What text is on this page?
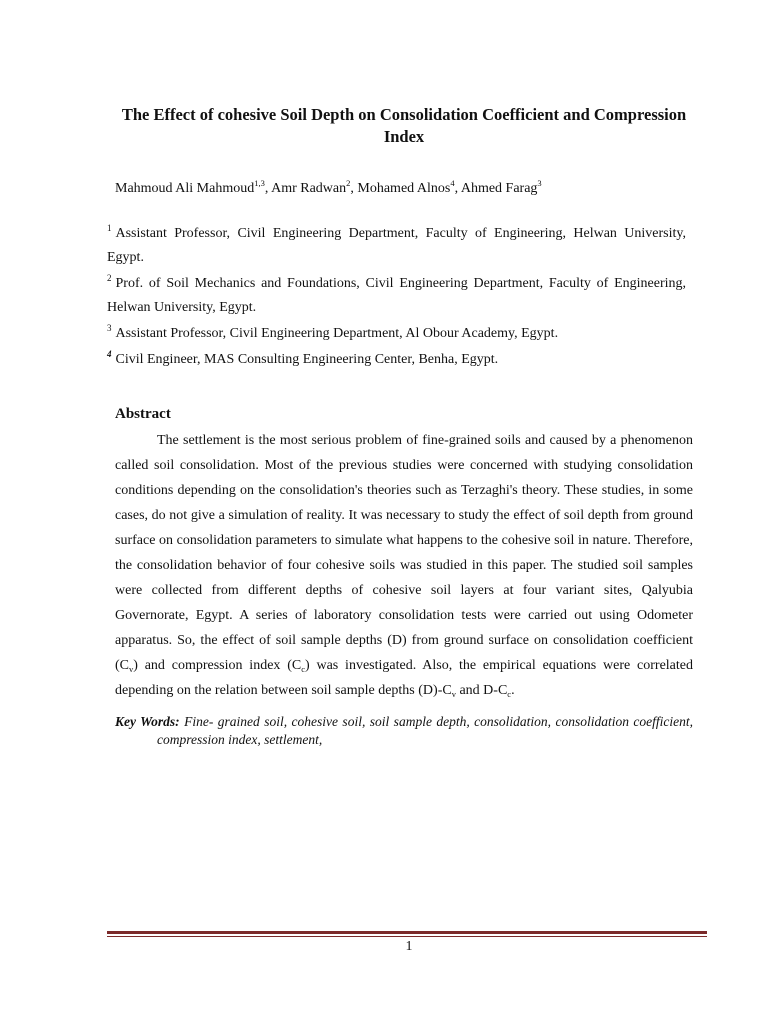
The Effect of cohesive Soil Depth on Consolidation Coefficient and Compression Index
Mahmoud Ali Mahmoud$^{1,3}$, Amr Radwan$^2$, Mohamed Alnos$^4$, Ahmed Farag$^3$
$^1$ Assistant Professor, Civil Engineering Department, Faculty of Engineering, Helwan University, Egypt.
$^2$ Prof. of Soil Mechanics and Foundations, Civil Engineering Department, Faculty of Engineering, Helwan University, Egypt.
$^3$ Assistant Professor, Civil Engineering Department, Al Obour Academy, Egypt.
$^4$ Civil Engineer, MAS Consulting Engineering Center, Benha, Egypt.
Abstract

The settlement is the most serious problem of fine-grained soils and caused by a phenomenon called soil consolidation. Most of the previous studies were concerned with studying consolidation conditions depending on the consolidation's theories such as Terzaghi's theory. These studies, in some cases, do not give a simulation of reality. It was necessary to study the effect of soil depth from ground surface on consolidation parameters to simulate what happens to the cohesive soil in nature. Therefore, the consolidation behavior of four cohesive soils was studied in this paper. The studied soil samples were collected from different depths of cohesive soil layers at four variant sites, Qalyubia Governorate, Egypt. A series of laboratory consolidation tests were carried out using Odometer apparatus. So, the effect of soil sample depths (D) from ground surface on consolidation coefficient $(C_v)$ and compression index $(C_c)$ was investigated. Also, the empirical equations were correlated depending on the relation between soil sample depths $(D)-C_v$ and $D-C_c$.

Key Words: Fine- grained soil, cohesive soil, soil sample depth, consolidation, consolidation coefficient, compression index, settlement,
1
